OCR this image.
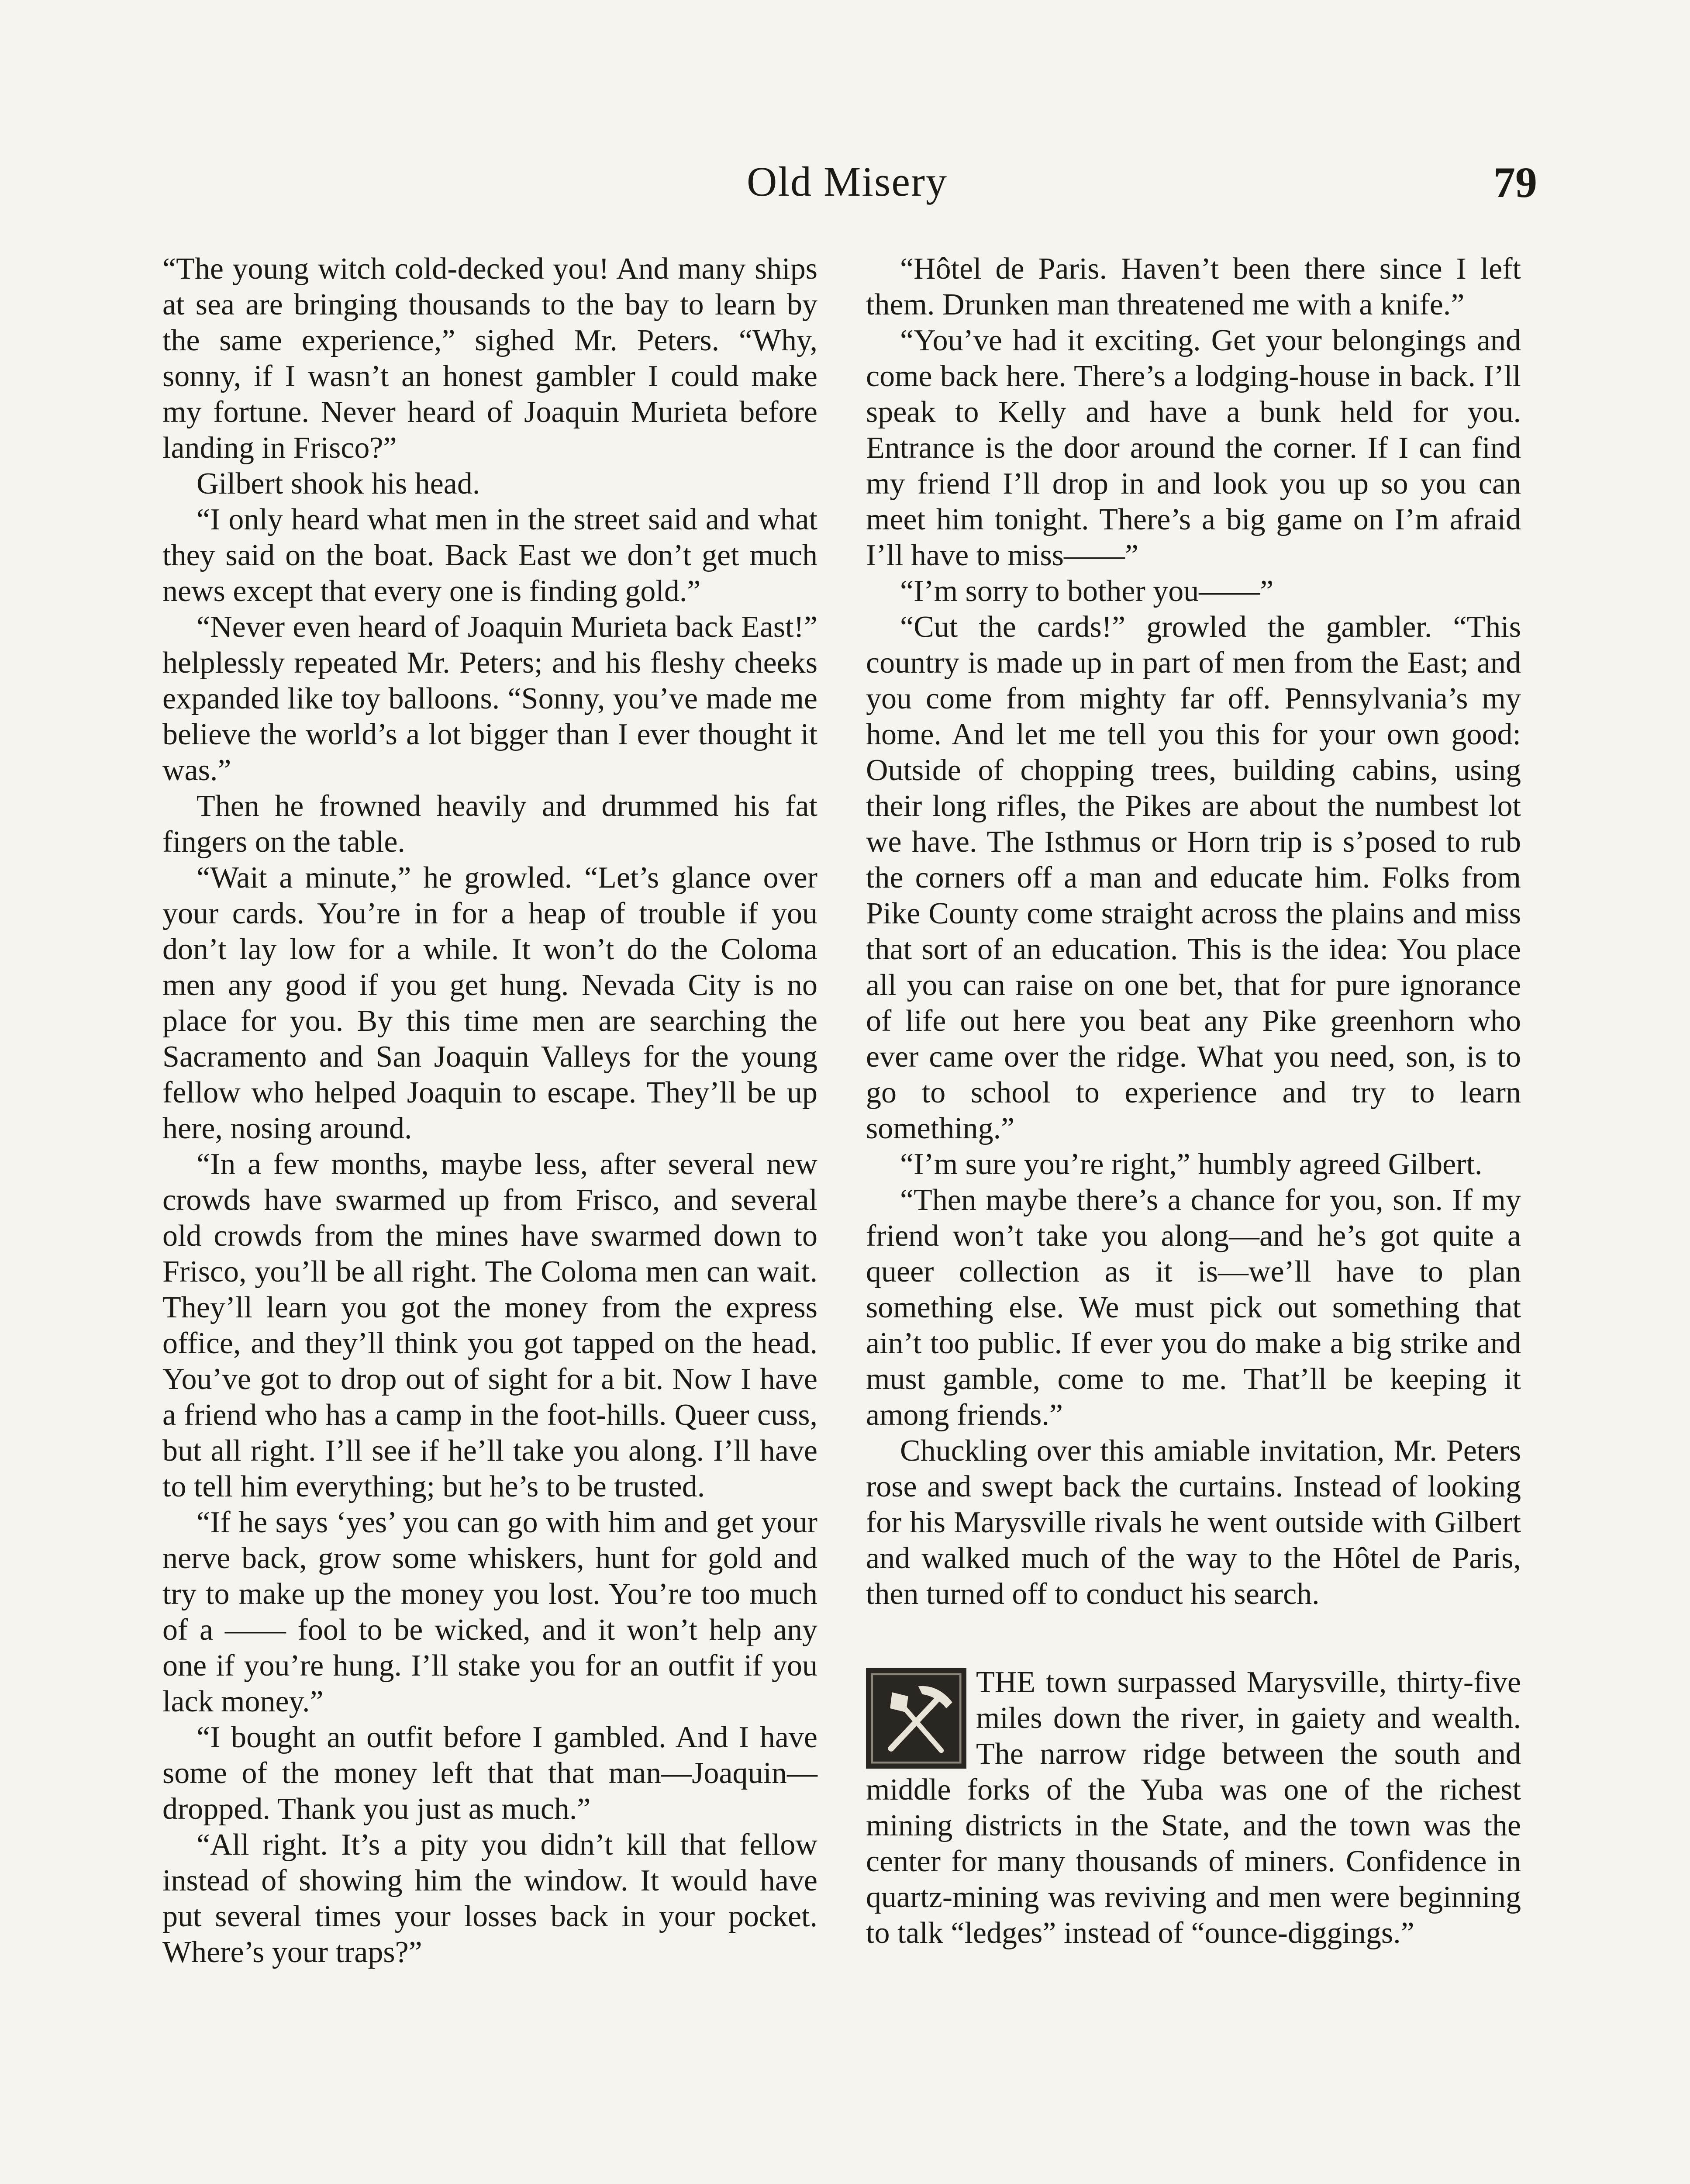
Old Misery	79

“The young witch cold-decked you! And many ships at sea are bringing thousands to the bay to learn by the same experience,” sighed Mr. Peters. “Why, sonny, if I wasn’t an honest gambler I could make my fortune. Never heard of Joaquin Murieta before landing in Frisco?”

Gilbert shook his head.

“I only heard what men in the street said and what they said on the boat. Back East we don’t get much news except that every one is finding gold.”

“Never even heard of Joaquin Murieta back East!” helplessly repeated Mr. Peters; and his fleshy cheeks expanded like toy balloons. “Sonny, you’ve made me believe the world’s a lot bigger than I ever thought it was.”

Then he frowned heavily and drummed his fat fingers on the table.

“Wait a minute,” he growled. “Let’s glance over your cards. You’re in for a heap of trouble if you don’t lay low for a while. It won’t do the Coloma men any good if you get hung. Nevada City is no place for you. By this time men are searching the Sacramento and San Joaquin Valleys for the young fellow who helped Joaquin to escape. They’ll be up here, nosing around.

“In a few months, maybe less, after several new crowds have swarmed up from Frisco, and several old crowds from the mines have swarmed down to Frisco, you’ll be all right. The Coloma men can wait. They’ll learn you got the money from the express office, and they’ll think you got tapped on the head. You’ve got to drop out of sight for a bit. Now I have a friend who has a camp in the foot-hills. Queer cuss, but all right. I’ll see if he’ll take you along. I’ll have to tell him everything; but he’s to be trusted.

“If he says ‘yes’ you can go with him and get your nerve back, grow some whiskers, hunt for gold and try to make up the money you lost. You’re too much of a —— fool to be wicked, and it won’t help any one if you’re hung. I’ll stake you for an outfit if you lack money.”

“I bought an outfit before I gambled. And I have some of the money left that that man—Joaquin—dropped. Thank you just as much.”

“All right. It’s a pity you didn’t kill that fellow instead of showing him the window. It would have put several times your losses back in your pocket. Where’s your traps?”

“Hôtel de Paris. Haven’t been there since I left them. Drunken man threatened me with a knife.”

“You’ve had it exciting. Get your belongings and come back here. There’s a lodging-house in back. I’ll speak to Kelly and have a bunk held for you. Entrance is the door around the corner. If I can find my friend I’ll drop in and look you up so you can meet him tonight. There’s a big game on I’m afraid I’ll have to miss——”

“I’m sorry to bother you——”

“Cut the cards!” growled the gambler. “This country is made up in part of men from the East; and you come from mighty far off. Pennsylvania’s my home. And let me tell you this for your own good: Outside of chopping trees, building cabins, using their long rifles, the Pikes are about the numbest lot we have. The Isthmus or Horn trip is s’posed to rub the corners off a man and educate him. Folks from Pike County come straight across the plains and miss that sort of an education. This is the idea: You place all you can raise on one bet, that for pure ignorance of life out here you beat any Pike greenhorn who ever came over the ridge. What you need, son, is to go to school to experience and try to learn something.”

“I’m sure you’re right,” humbly agreed Gilbert.

“Then maybe there’s a chance for you, son. If my friend won’t take you along—and he’s got quite a queer collection as it is—we’ll have to plan something else. We must pick out something that ain’t too public. If ever you do make a big strike and must gamble, come to me. That’ll be keeping it among friends.”

Chuckling over this amiable invitation, Mr. Peters rose and swept back the curtains. Instead of looking for his Marysville rivals he went outside with Gilbert and walked much of the way to the Hôtel de Paris, then turned off to conduct his search.

THE town surpassed Marysville, thirty-five miles down the river, in gaiety and wealth. The narrow ridge between the south and middle forks of the Yuba was one of the richest mining districts in the State, and the town was the center for many thousands of miners. Confidence in quartz-mining was reviving and men were beginning to talk “ledges” instead of “ounce-diggings.”
